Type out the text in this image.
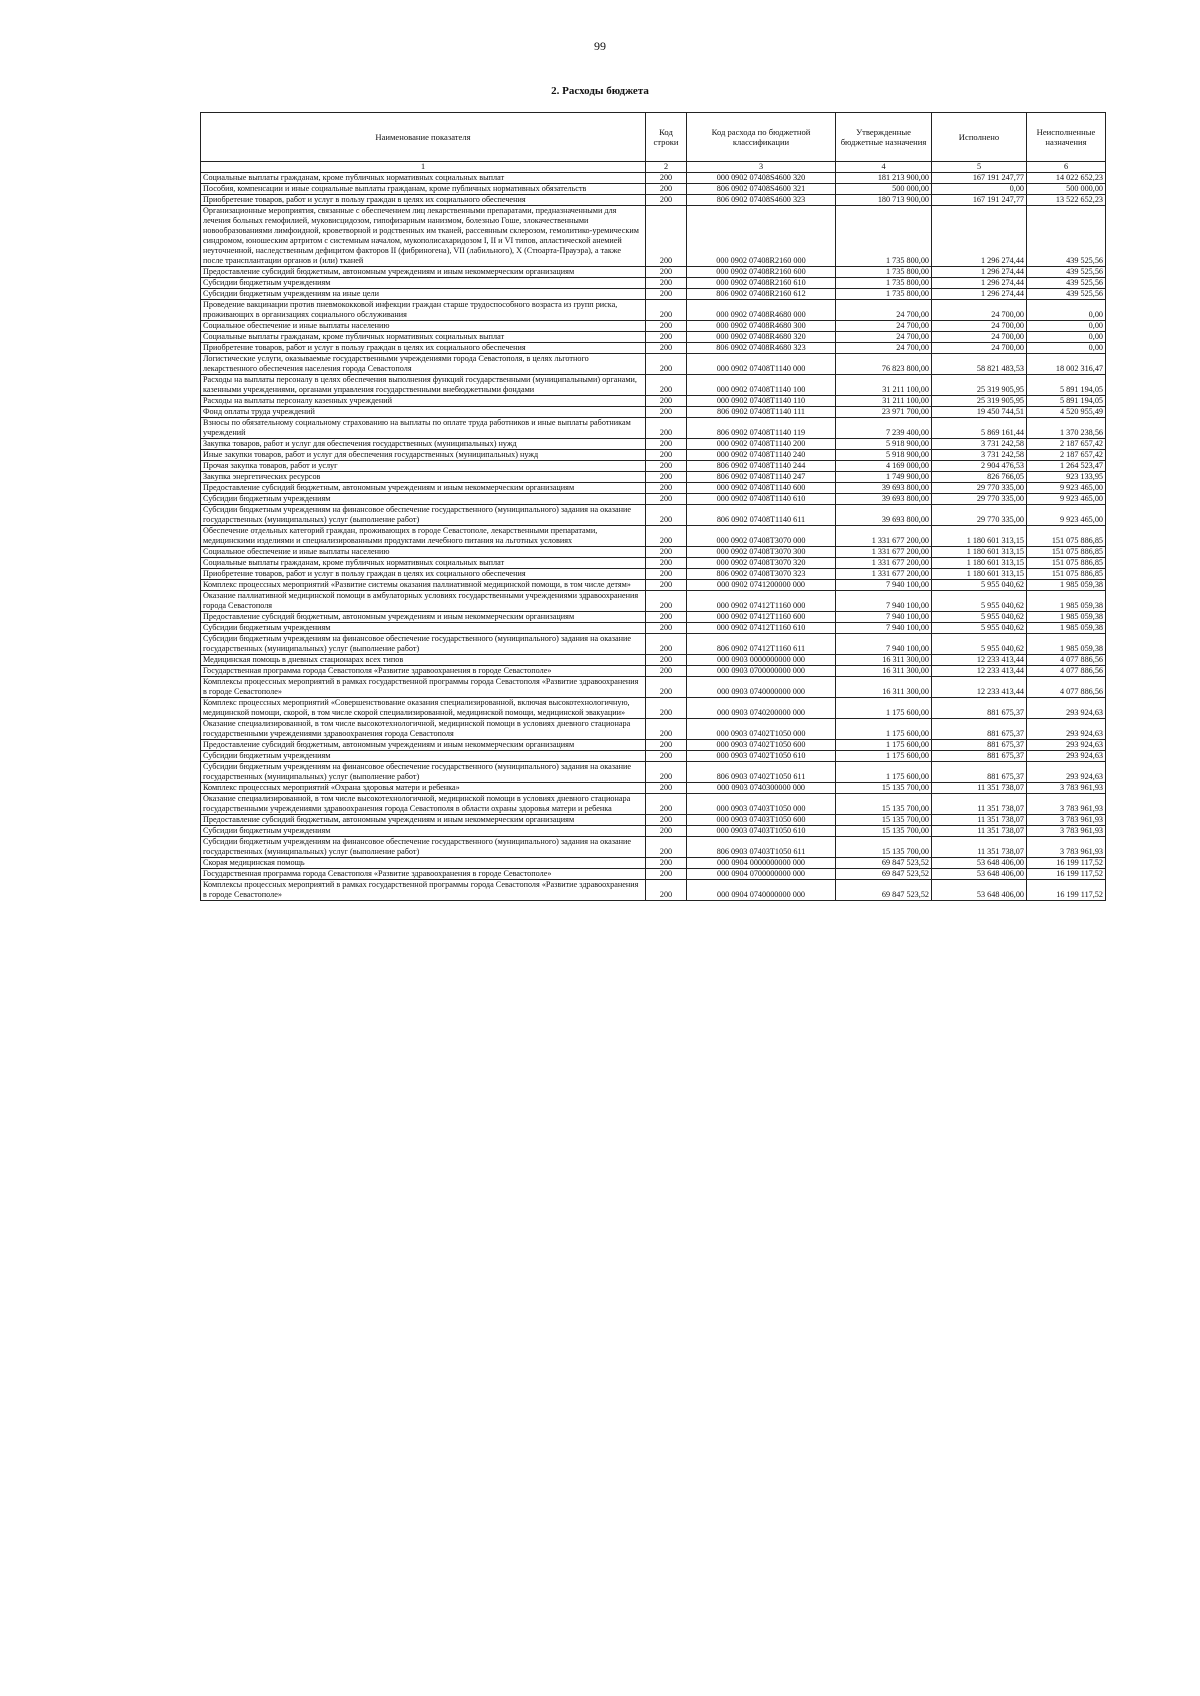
99
2. Расходы бюджета
Наименование показателя	Код строки	Код расхода по бюджетной классификации	Утвержденные бюджетные назначения	Исполнено	Неисполненные назначения
1	2	3	4	5	6
Социальные выплаты гражданам, кроме публичных нормативных социальных выплат	200	000 0902 07408S4600 320	181 213 900,00	167 191 247,77	14 022 652,23
Пособия, компенсации и иные социальные выплаты гражданам, кроме публичных нормативных обязательств	200	806 0902 07408S4600 321	500 000,00	0,00	500 000,00
Приобретение товаров, работ и услуг в пользу граждан в целях их социального обеспечения	200	806 0902 07408S4600 323	180 713 900,00	167 191 247,77	13 522 652,23
Организационные мероприятия, связанные с обеспечением лиц лекарственными препаратами, предназначенными для лечения больных гемофилией, муковисцидозом, гипофизарным нанизмом, болезнью Гоше, злокачественными новообразованиями лимфоидной, кроветворной и родственных им тканей, рассеянным склерозом, гемолитико-уремическим синдромом, юношеским артритом с системным началом, мукополисахаридозом I, II и VI типов, апластической анемией неуточненной, наследственным дефицитом факторов II (фибриногена), VII (лабильного), X (Стюарта-Прауэра), а также после трансплантации органов и (или) тканей	200	000 0902 07408R2160 000	1 735 800,00	1 296 274,44	439 525,56
Предоставление субсидий бюджетным, автономным учреждениям и иным некоммерческим организациям	200	000 0902 07408R2160 600	1 735 800,00	1 296 274,44	439 525,56
Субсидии бюджетным учреждениям	200	000 0902 07408R2160 610	1 735 800,00	1 296 274,44	439 525,56
Субсидии бюджетным учреждениям на иные цели	200	806 0902 07408R2160 612	1 735 800,00	1 296 274,44	439 525,56
Проведение вакцинации против пневмококковой инфекции граждан старше трудоспособного возраста из групп риска, проживающих в организациях социального обслуживания	200	000 0902 07408R4680 000	24 700,00	24 700,00	0,00
Социальное обеспечение и иные выплаты населению	200	000 0902 07408R4680 300	24 700,00	24 700,00	0,00
Социальные выплаты гражданам, кроме публичных нормативных социальных выплат	200	000 0902 07408R4680 320	24 700,00	24 700,00	0,00
Приобретение товаров, работ и услуг в пользу граждан в целях их социального обеспечения	200	806 0902 07408R4680 323	24 700,00	24 700,00	0,00
Логистические услуги, оказываемые государственными учреждениями города Севастополя, в целях льготного лекарственного обеспечения населения города Севастополя	200	000 0902 07408T1140 000	76 823 800,00	58 821 483,53	18 002 316,47
Расходы на выплаты персоналу в целях обеспечения выполнения функций государственными (муниципальными) органами, казенными учреждениями, органами управления государственными внебюджетными фондами	200	000 0902 07408T1140 100	31 211 100,00	25 319 905,95	5 891 194,05
Расходы на выплаты персоналу казенных учреждений	200	000 0902 07408T1140 110	31 211 100,00	25 319 905,95	5 891 194,05
Фонд оплаты труда учреждений	200	806 0902 07408T1140 111	23 971 700,00	19 450 744,51	4 520 955,49
Взносы по обязательному социальному страхованию на выплаты по оплате труда работников и иные выплаты работникам учреждений	200	806 0902 07408T1140 119	7 239 400,00	5 869 161,44	1 370 238,56
Закупка товаров, работ и услуг для обеспечения государственных (муниципальных) нужд	200	000 0902 07408T1140 200	5 918 900,00	3 731 242,58	2 187 657,42
Иные закупки товаров, работ и услуг для обеспечения государственных (муниципальных) нужд	200	000 0902 07408T1140 240	5 918 900,00	3 731 242,58	2 187 657,42
Прочая закупка товаров, работ и услуг	200	806 0902 07408T1140 244	4 169 000,00	2 904 476,53	1 264 523,47
Закупка энергетических ресурсов	200	806 0902 07408T1140 247	1 749 900,00	826 766,05	923 133,95
Предоставление субсидий бюджетным, автономным учреждениям и иным некоммерческим организациям	200	000 0902 07408T1140 600	39 693 800,00	29 770 335,00	9 923 465,00
Субсидии бюджетным учреждениям	200	000 0902 07408T1140 610	39 693 800,00	29 770 335,00	9 923 465,00
Субсидии бюджетным учреждениям на финансовое обеспечение государственного (муниципального) задания на оказание государственных (муниципальных) услуг (выполнение работ)	200	806 0902 07408T1140 611	39 693 800,00	29 770 335,00	9 923 465,00
Обеспечение отдельных категорий граждан, проживающих в городе Севастополе, лекарственными препаратами, медицинскими изделиями и специализированными продуктами лечебного питания на льготных условиях	200	000 0902 07408T3070 000	1 331 677 200,00	1 180 601 313,15	151 075 886,85
Социальное обеспечение и иные выплаты населению	200	000 0902 07408T3070 300	1 331 677 200,00	1 180 601 313,15	151 075 886,85
Социальные выплаты гражданам, кроме публичных нормативных социальных выплат	200	000 0902 07408T3070 320	1 331 677 200,00	1 180 601 313,15	151 075 886,85
Приобретение товаров, работ и услуг в пользу граждан в целях их социального обеспечения	200	806 0902 07408T3070 323	1 331 677 200,00	1 180 601 313,15	151 075 886,85
Комплекс процессных мероприятий «Развитие системы оказания паллиативной медицинской помощи, в том числе детям»	200	000 0902 0741200000 000	7 940 100,00	5 955 040,62	1 985 059,38
Оказание паллиативной медицинской помощи в амбулаторных условиях государственными учреждениями здравоохранения города Севастополя	200	000 0902 07412T1160 000	7 940 100,00	5 955 040,62	1 985 059,38
Предоставление субсидий бюджетным, автономным учреждениям и иным некоммерческим организациям	200	000 0902 07412T1160 600	7 940 100,00	5 955 040,62	1 985 059,38
Субсидии бюджетным учреждениям	200	000 0902 07412T1160 610	7 940 100,00	5 955 040,62	1 985 059,38
Субсидии бюджетным учреждениям на финансовое обеспечение государственного (муниципального) задания на оказание государственных (муниципальных) услуг (выполнение работ)	200	806 0902 07412T1160 611	7 940 100,00	5 955 040,62	1 985 059,38
Медицинская помощь в дневных стационарах всех типов	200	000 0903 0000000000 000	16 311 300,00	12 233 413,44	4 077 886,56
Государственная программа города Севастополя «Развитие здравоохранения в городе Севастополе»	200	000 0903 0700000000 000	16 311 300,00	12 233 413,44	4 077 886,56
Комплексы процессных мероприятий в рамках государственной программы города Севастополя «Развитие здравоохранения в городе Севастополе»	200	000 0903 0740000000 000	16 311 300,00	12 233 413,44	4 077 886,56
Комплекс процессных мероприятий «Совершенствование оказания специализированной, включая высокотехнологичную, медицинской помощи, скорой, в том числе скорой специализированной, медицинской помощи, медицинской эвакуации»	200	000 0903 0740200000 000	1 175 600,00	881 675,37	293 924,63
Оказание специализированной, в том числе высокотехнологичной, медицинской помощи в условиях дневного стационара государственными учреждениями здравоохранения города Севастополя	200	000 0903 07402T1050 000	1 175 600,00	881 675,37	293 924,63
Предоставление субсидий бюджетным, автономным учреждениям и иным некоммерческим организациям	200	000 0903 07402T1050 600	1 175 600,00	881 675,37	293 924,63
Субсидии бюджетным учреждениям	200	000 0903 07402T1050 610	1 175 600,00	881 675,37	293 924,63
Субсидии бюджетным учреждениям на финансовое обеспечение государственного (муниципального) задания на оказание государственных (муниципальных) услуг (выполнение работ)	200	806 0903 07402T1050 611	1 175 600,00	881 675,37	293 924,63
Комплекс процессных мероприятий «Охрана здоровья матери и ребенка»	200	000 0903 0740300000 000	15 135 700,00	11 351 738,07	3 783 961,93
Оказание специализированной, в том числе высокотехнологичной, медицинской помощи в условиях дневного стационара государственными учреждениями здравоохранения города Севастополя в области охраны здоровья матери и ребенка	200	000 0903 07403T1050 000	15 135 700,00	11 351 738,07	3 783 961,93
Предоставление субсидий бюджетным, автономным учреждениям и иным некоммерческим организациям	200	000 0903 07403T1050 600	15 135 700,00	11 351 738,07	3 783 961,93
Субсидии бюджетным учреждениям	200	000 0903 07403T1050 610	15 135 700,00	11 351 738,07	3 783 961,93
Субсидии бюджетным учреждениям на финансовое обеспечение государственного (муниципального) задания на оказание государственных (муниципальных) услуг (выполнение работ)	200	806 0903 07403T1050 611	15 135 700,00	11 351 738,07	3 783 961,93
Скорая медицинская помощь	200	000 0904 0000000000 000	69 847 523,52	53 648 406,00	16 199 117,52
Государственная программа города Севастополя «Развитие здравоохранения в городе Севастополе»	200	000 0904 0700000000 000	69 847 523,52	53 648 406,00	16 199 117,52
Комплексы процессных мероприятий в рамках государственной программы города Севастополя «Развитие здравоохранения в городе Севастополе»	200	000 0904 0740000000 000	69 847 523,52	53 648 406,00	16 199 117,52
